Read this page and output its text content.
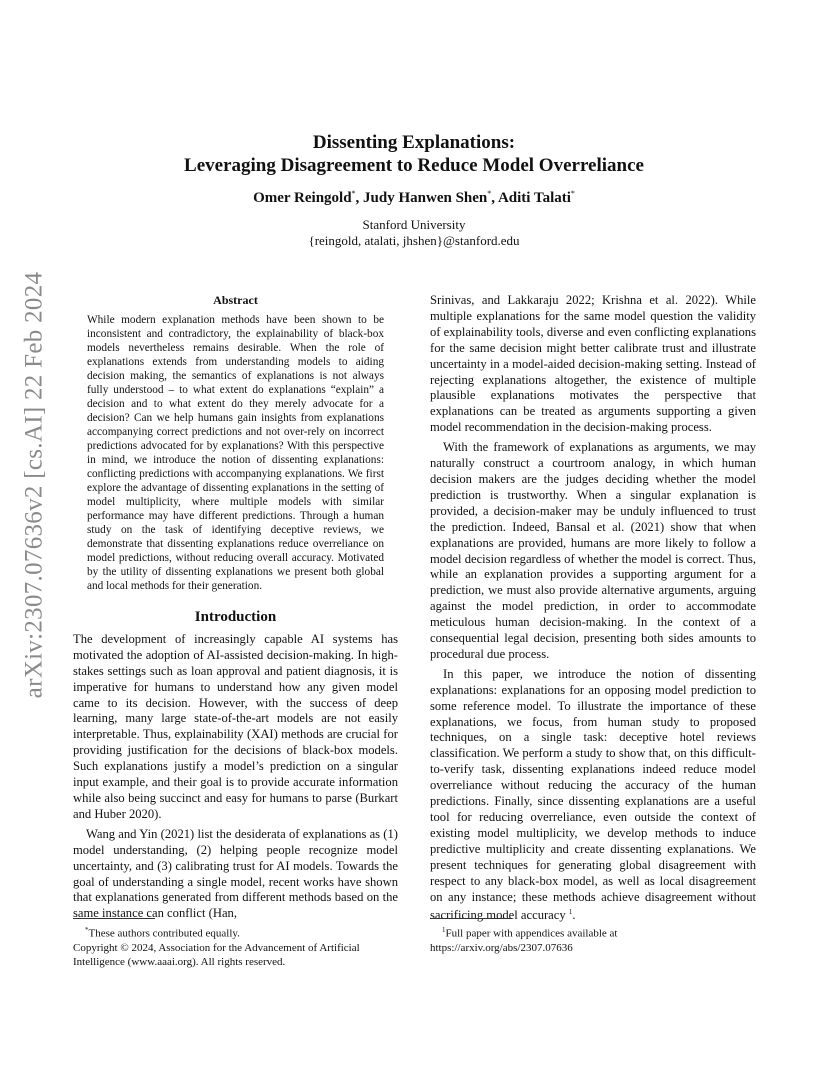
arXiv:2307.07636v2 [cs.AI] 22 Feb 2024
Dissenting Explanations:
Leveraging Disagreement to Reduce Model Overreliance
Omer Reingold*, Judy Hanwen Shen*, Aditi Talati*
Stanford University
{reingold, atalati, jhshen}@stanford.edu
Abstract

While modern explanation methods have been shown to be inconsistent and contradictory, the explainability of black-box models nevertheless remains desirable. When the role of explanations extends from understanding models to aiding decision making, the semantics of explanations is not always fully understood – to what extent do explanations “explain” a decision and to what extent do they merely advocate for a decision? Can we help humans gain insights from explanations accompanying correct predictions and not over-rely on incorrect predictions advocated for by explanations? With this perspective in mind, we introduce the notion of dissenting explanations: conflicting predictions with accompanying explanations. We first explore the advantage of dissenting explanations in the setting of model multiplicity, where multiple models with similar performance may have different predictions. Through a human study on the task of identifying deceptive reviews, we demonstrate that dissenting explanations reduce overreliance on model predictions, without reducing overall accuracy. Motivated by the utility of dissenting explanations we present both global and local methods for their generation.

Introduction

The development of increasingly capable AI systems has motivated the adoption of AI-assisted decision-making. In high-stakes settings such as loan approval and patient diagnosis, it is imperative for humans to understand how any given model came to its decision. However, with the success of deep learning, many large state-of-the-art models are not easily interpretable. Thus, explainability (XAI) methods are crucial for providing justification for the decisions of black-box models. Such explanations justify a model’s prediction on a singular input example, and their goal is to provide accurate information while also being succinct and easy for humans to parse (Burkart and Huber 2020).

Wang and Yin (2021) list the desiderata of explanations as (1) model understanding, (2) helping people recognize model uncertainty, and (3) calibrating trust for AI models. Towards the goal of understanding a single model, recent works have shown that explanations generated from different methods based on the same instance can conflict (Han,

Srinivas, and Lakkaraju 2022; Krishna et al. 2022). While multiple explanations for the same model question the validity of explainability tools, diverse and even conflicting explanations for the same decision might better calibrate trust and illustrate uncertainty in a model-aided decision-making setting. Instead of rejecting explanations altogether, the existence of multiple plausible explanations motivates the perspective that explanations can be treated as arguments supporting a given model recommendation in the decision-making process.

With the framework of explanations as arguments, we may naturally construct a courtroom analogy, in which human decision makers are the judges deciding whether the model prediction is trustworthy. When a singular explanation is provided, a decision-maker may be unduly influenced to trust the prediction. Indeed, Bansal et al. (2021) show that when explanations are provided, humans are more likely to follow a model decision regardless of whether the model is correct. Thus, while an explanation provides a supporting argument for a prediction, we must also provide alternative arguments, arguing against the model prediction, in order to accommodate meticulous human decision-making. In the context of a consequential legal decision, presenting both sides amounts to procedural due process.

In this paper, we introduce the notion of dissenting explanations: explanations for an opposing model prediction to some reference model. To illustrate the importance of these explanations, we focus, from human study to proposed techniques, on a single task: deceptive hotel reviews classification. We perform a study to show that, on this difficult-to-verify task, dissenting explanations indeed reduce model overreliance without reducing the accuracy of the human predictions. Finally, since dissenting explanations are a useful tool for reducing overreliance, even outside the context of existing model multiplicity, we develop methods to induce predictive multiplicity and create dissenting explanations. We present techniques for generating global disagreement with respect to any black-box model, as well as local disagreement on any instance; these methods achieve disagreement without sacrificing model accuracy $^1$.

*These authors contributed equally.
Copyright © 2024, Association for the Advancement of Artificial Intelligence (www.aaai.org). All rights reserved.
$^1$Full paper with appendices available at https://arxiv.org/abs/2307.07636
